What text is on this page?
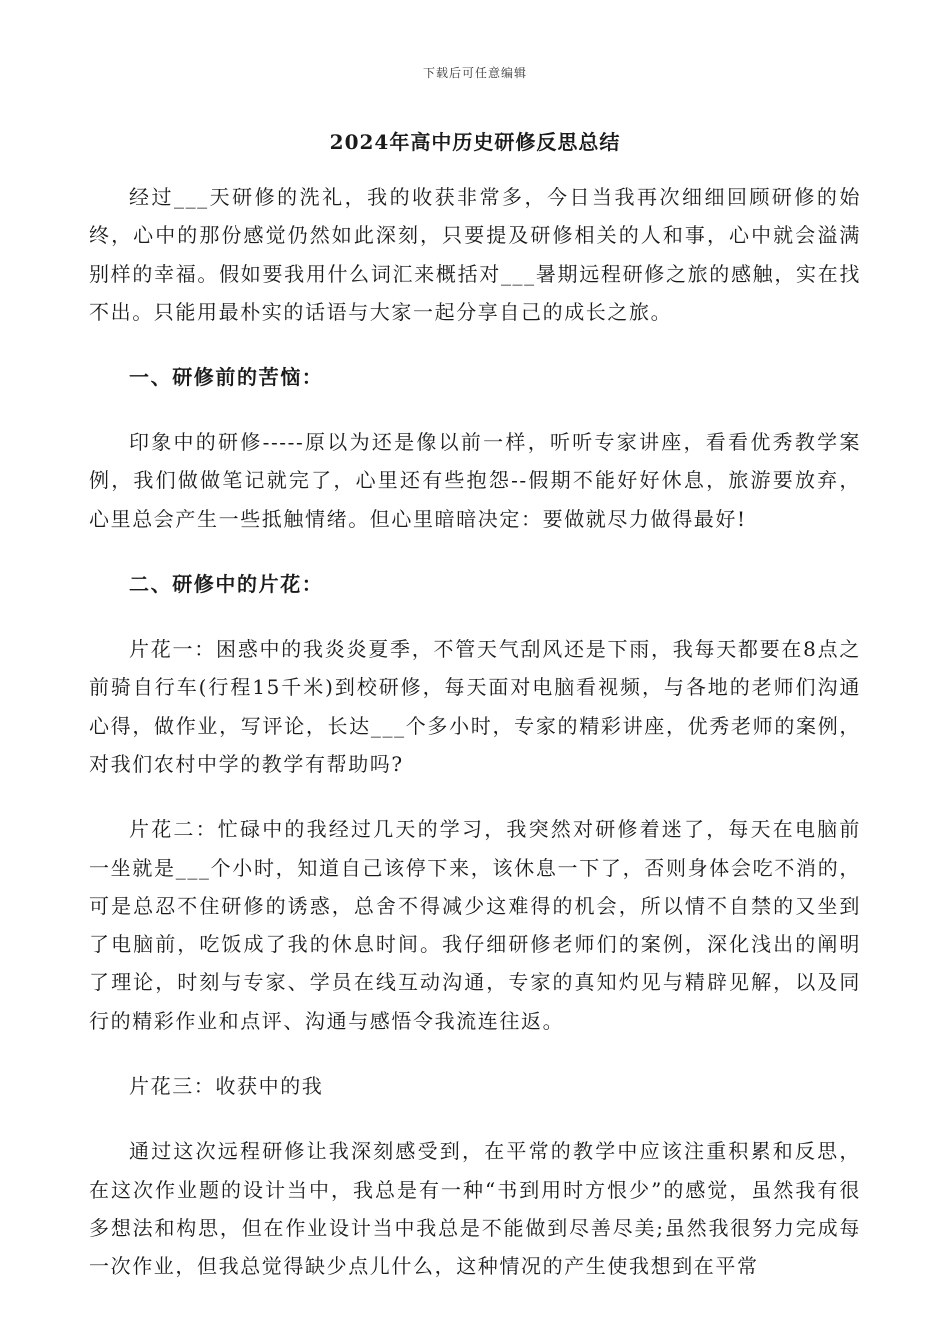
下载后可任意编辑
2024年高中历史研修反思总结

经过___天研修的洗礼，我的收获非常多，今日当我再次细细回顾研修的始终，心中的那份感觉仍然如此深刻，只要提及研修相关的人和事，心中就会溢满别样的幸福。假如要我用什么词汇来概括对___暑期远程研修之旅的感触，实在找不出。只能用最朴实的话语与大家一起分享自己的成长之旅。

一、研修前的苦恼：

印象中的研修-----原以为还是像以前一样，听听专家讲座，看看优秀教学案例，我们做做笔记就完了，心里还有些抱怨--假期不能好好休息，旅游要放弃，心里总会产生一些抵触情绪。但心里暗暗决定：要做就尽力做得最好!

二、研修中的片花：

片花一：困惑中的我炎炎夏季，不管天气刮风还是下雨，我每天都要在8点之前骑自行车(行程15千米)到校研修，每天面对电脑看视频，与各地的老师们沟通心得，做作业，写评论，长达___个多小时，专家的精彩讲座，优秀老师的案例，对我们农村中学的教学有帮助吗?

片花二：忙碌中的我经过几天的学习，我突然对研修着迷了，每天在电脑前一坐就是___个小时，知道自己该停下来，该休息一下了，否则身体会吃不消的，可是总忍不住研修的诱惑，总舍不得减少这难得的机会，所以情不自禁的又坐到了电脑前，吃饭成了我的休息时间。我仔细研修老师们的案例，深化浅出的阐明了理论，时刻与专家、学员在线互动沟通，专家的真知灼见与精辟见解，以及同行的精彩作业和点评、沟通与感悟令我流连往返。

片花三：收获中的我

通过这次远程研修让我深刻感受到，在平常的教学中应该注重积累和反思，在这次作业题的设计当中，我总是有一种“书到用时方恨少”的感觉，虽然我有很多想法和构思，但在作业设计当中我总是不能做到尽善尽美;虽然我很努力完成每一次作业，但我总觉得缺少点儿什么，这种情况的产生使我想到在平常
